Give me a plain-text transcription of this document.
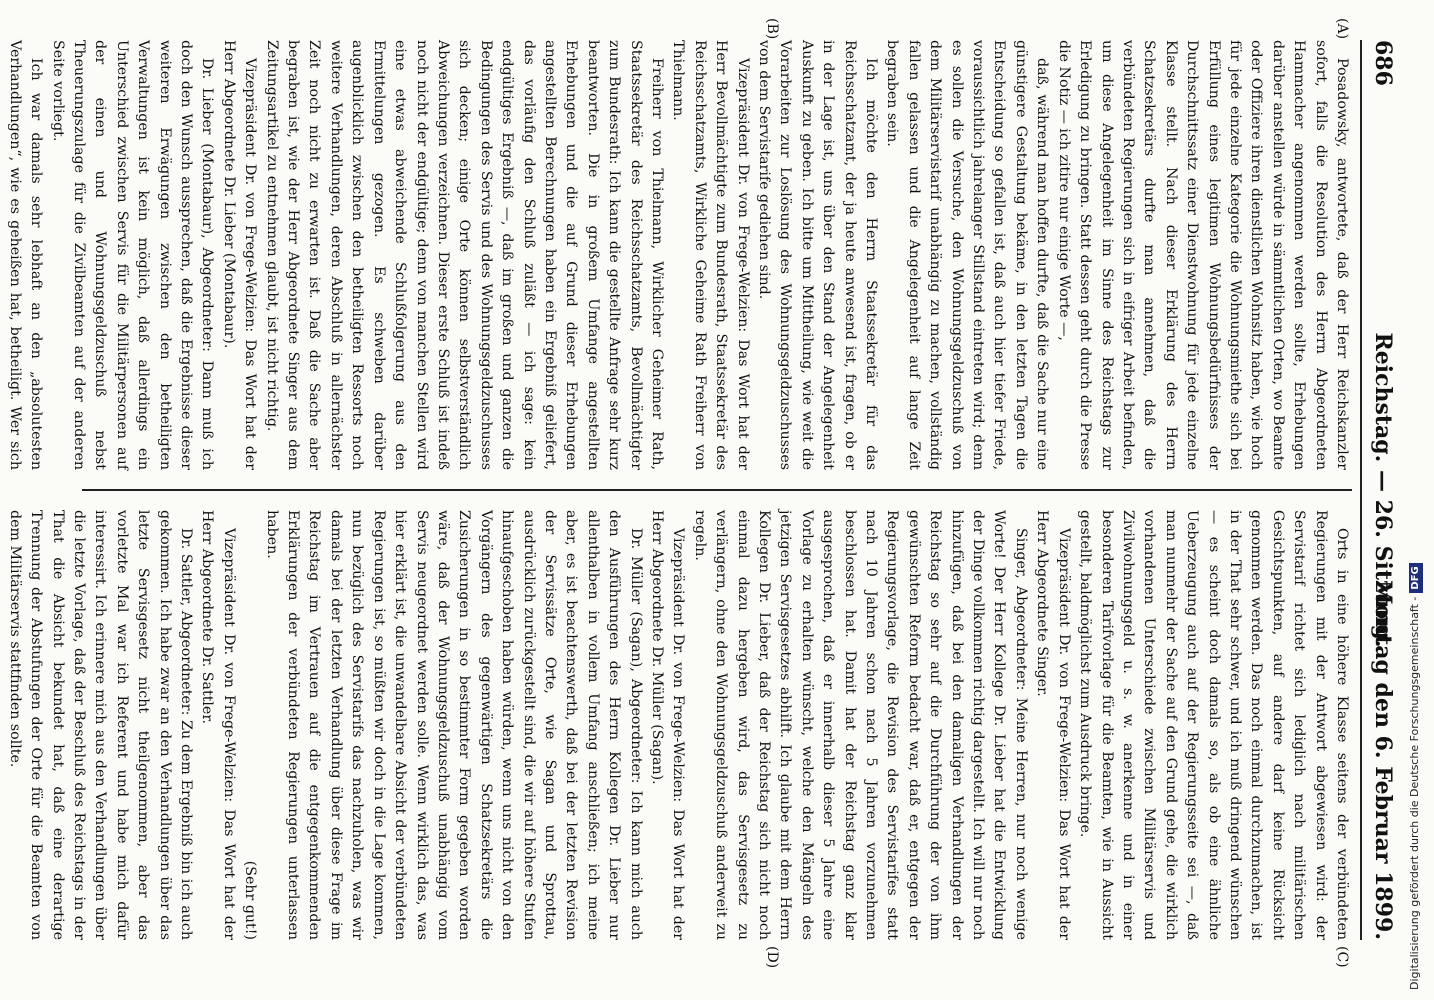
686
Reichstag. — 26. Sitzung.
Montag den 6. Februar 1899.
(A)
(B)
(C)
(D)

Posadowsky, antwortete, daß der Herr Reichskanzler sofort, falls die Resolution des Herrn Abgeordneten Hammacher angenommen werden sollte, Erhebungen darüber anstellen würde in sämmtlichen Orten, wo Beamte oder Offiziere ihren dienstlichen Wohnsitz haben, wie hoch für jede einzelne Kategorie die Wohnungsmiethe sich bei Erfüllung eines legitimen Wohnungsbedürfnisses der Durchschnittssatz einer Dienstwohnung für jede einzelne Klasse stellt. Nach dieser Erklärung des Herrn Schatzsekretärs durfte man annehmen, daß die verbündeten Regierungen sich in eifriger Arbeit befinden, um diese Angelegenheit im Sinne des Reichstags zur Erledigung zu bringen. Statt dessen geht durch die Presse die Notiz — ich zitire nur einige Worte —,

daß, während man hoffen durfte, daß die Sache nur eine günstigere Gestaltung bekäme, in den letzten Tagen die Entscheidung so gefallen ist, daß auch hier tiefer Friede, voraussichtlich jahrelanger Stillstand eintreten wird; denn es sollen die Versuche, den Wohnungsgeldzuschuß von dem Militärservistarif unabhängig zu machen, vollständig fallen gelassen und die Angelegenheit auf lange Zeit begraben sein.

Ich möchte den Herrn Staatssekretär für das Reichsschatzamt, der ja heute anwesend ist, fragen, ob er in der Lage ist, uns über den Stand der Angelegenheit Auskunft zu geben. Ich bitte um Mittheilung, wie weit die Vorarbeiten zur Loslösung des Wohnungsgeldzuschusses von dem Servistarife gediehen sind.

Vizepräsident Dr. von Frege-Welzien: Das Wort hat der Herr Bevollmächtigte zum Bundesrath, Staatssekretär des Reichsschatzamts, Wirkliche Geheime Rath Freiherr von Thielmann.

Freiherr von Thielmann, Wirklicher Geheimer Rath, Staatssekretär des Reichsschatzamts, Bevollmächtigter zum Bundesrath: Ich kann die gestellte Anfrage sehr kurz beantworten. Die in großem Umfange angestellten Erhebungen und die auf Grund dieser Erhebungen angestellten Berechnungen haben ein Ergebniß geliefert, das vorläufig den Schluß zuläßt — ich sage: kein endgültiges Ergebniß —, daß im großen und ganzen die Bedingungen des Servis und des Wohnungsgeldzuschusses sich decken; einige Orte können selbstverständlich Abweichungen verzeichnen. Dieser erste Schluß ist indeß noch nicht der endgültige; denn von manchen Stellen wird eine etwas abweichende Schlußfolgerung aus den Ermittelungen gezogen. Es schweben darüber augenblicklich zwischen den betheiligten Ressorts noch weitere Verhandlungen, deren Abschluß in allernächster Zeit noch nicht zu erwarten ist. Daß die Sache aber begraben ist, wie der Herr Abgeordnete Singer aus dem Zeitungsartikel zu entnehmen glaubt, ist nicht richtig.

Vizepräsident Dr. von Frege-Welzien: Das Wort hat der Herr Abgeordnete Dr. Lieber (Montabaur).

Dr. Lieber (Montabaur), Abgeordneter: Dann muß ich doch den Wunsch aussprechen, daß die Ergebnisse dieser weiteren Erwägungen zwischen den betheiligten Verwaltungen ist kein möglich, daß allerdings ein Unterschied zwischen Servis für die Militärpersonen auf der einen und Wohnungsgeldzuschuß nebst Theuerungszulage für die Zivilbeamten auf der anderen Seite vorliegt.

Ich war damals sehr lebhaft an den „absolutesten Verhandlungen“, wie es geheißen hat, betheiligt. Wer sich

Orts in eine höhere Klasse seitens der verbündeten Regierungen mit der Antwort abgewiesen wird: der Servistarif richtet sich lediglich nach militärischen Gesichtspunkten, auf andere darf keine Rücksicht genommen werden. Das noch einmal durchzumachen, ist in der That sehr schwer, und ich muß dringend wünschen — es scheint doch damals so, als ob eine ähnliche Ueberzeugung auch auf der Regierungsseite sei —, daß man nunmehr der Sache auf den Grund gehe, die wirklich vorhandenen Unterschiede zwischen Militärservis und Zivilwohnungsgeld u. s. w. anerkenne und in einer besonderen Tarifvorlage für die Beamten, wie in Aussicht gestellt, baldmöglichst zum Ausdruck bringe.

Vizepräsident Dr. von Frege-Welzien: Das Wort hat der Herr Abgeordnete Singer.

Singer, Abgeordneter: Meine Herren, nur noch wenige Worte! Der Herr Kollege Dr. Lieber hat die Entwicklung der Dinge vollkommen richtig dargestellt. Ich will nur noch hinzufügen, daß bei den damaligen Verhandlungen der Reichstag so sehr auf die Durchführung der von ihm gewünschten Reform bedacht war, daß er, entgegen der Regierungsvorlage, die Revision des Servistarifes statt nach 10 Jahren schon nach 5 Jahren vorzunehmen beschlossen hat. Damit hat der Reichstag ganz klar ausgesprochen, daß er innerhalb dieser 5 Jahre eine Vorlage zu erhalten wünscht, welche den Mängeln des jetzigen Servisgesetzes abhilft. Ich glaube mit dem Herrn Kollegen Dr. Lieber, daß der Reichstag sich nicht noch einmal dazu hergeben wird, das Servisgesetz zu verlängern, ohne den Wohnungsgeldzuschuß anderweit zu regeln.

Vizepräsident Dr. von Frege-Welzien: Das Wort hat der Herr Abgeordnete Dr. Müller (Sagan).

Dr. Müller (Sagan), Abgeordneter: Ich kann mich auch den Ausführungen des Herrn Kollegen Dr. Lieber nur allenthalben in vollem Umfang anschließen; ich meine aber, es ist beachtenswerth, daß bei der letzten Revision der Servissätze Orte, wie Sagan und Sprottau, ausdrücklich zurückgestellt sind, die wir auf höhere Stufen hinaufgeschoben haben würden, wenn uns nicht von den Vorgängern des gegenwärtigen Schatzsekretärs die Zusicherungen in so bestimmter Form gegeben worden wäre, daß der Wohnungsgeldzuschuß unabhängig vom Servis neugeordnet werden solle. Wenn wirklich das, was hier erklärt ist, die unwandelbare Absicht der verbündeten Regierungen ist, so müßten wir doch in die Lage kommen, nun bezüglich des Servistarifs das nachzuholen, was wir damals bei der letzten Verhandlung über diese Frage im Reichstag im Vertrauen auf die entgegenkommenden Erklärungen der verbündeten Regierungen unterlassen haben.

(Sehr gut!)

Vizepräsident Dr. von Frege-Welzien: Das Wort hat der Herr Abgeordnete Dr. Sattler.

Dr. Sattler, Abgeordneter: Zu dem Ergebniß bin ich auch gekommen. Ich habe zwar an den Verhandlungen über das letzte Servisgesetz nicht theilgenommen, aber das vorletzte Mal war ich Referent und habe mich dafür interessirt. Ich erinnere mich aus den Verhandlungen über die letzte Vorlage, daß der Beschluß des Reichstags in der That die Absicht bekundet hat, daß eine derartige Trennung der Abstufungen der Orte für die Beamten von dem Militärservis stattfinden sollte.	Digitalisierung gefördert durch die Deutsche Forschungsgemeinschaft -DFG
